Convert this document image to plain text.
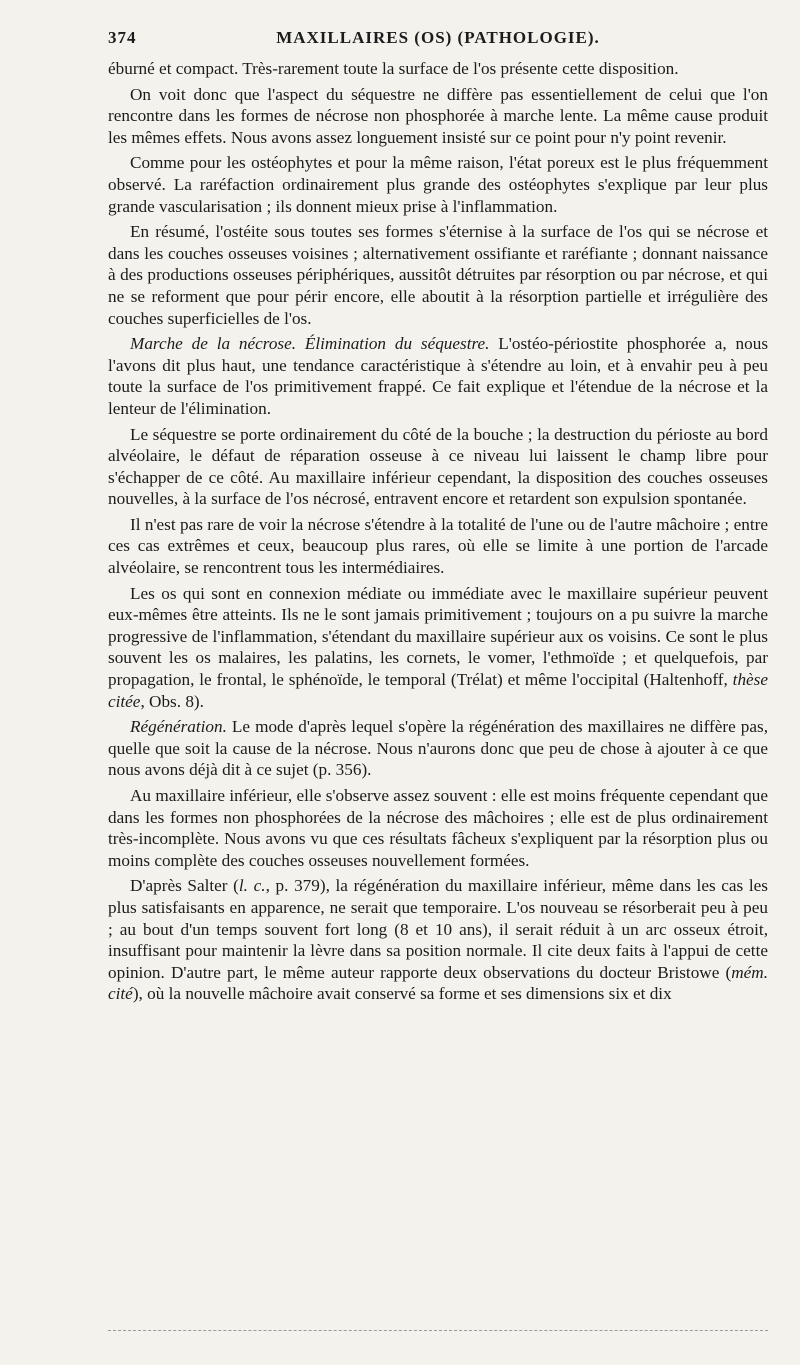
374	MAXILLAIRES (OS) (PATHOLOGIE).

éburné et compact. Très-rarement toute la surface de l'os présente cette disposition.

On voit donc que l'aspect du séquestre ne diffère pas essentiellement de celui que l'on rencontre dans les formes de nécrose non phosphorée à marche lente. La même cause produit les mêmes effets. Nous avons assez longuement insisté sur ce point pour n'y point revenir.

Comme pour les ostéophytes et pour la même raison, l'état poreux est le plus fréquemment observé. La raréfaction ordinairement plus grande des ostéophytes s'explique par leur plus grande vascularisation ; ils donnent mieux prise à l'inflammation.

En résumé, l'ostéite sous toutes ses formes s'éternise à la surface de l'os qui se nécrose et dans les couches osseuses voisines ; alternativement ossifiante et raréfiante ; donnant naissance à des productions osseuses périphériques, aussitôt détruites par résorption ou par nécrose, et qui ne se reforment que pour périr encore, elle aboutit à la résorption partielle et irrégulière des couches superficielles de l'os.

Marche de la nécrose. Élimination du séquestre. L'ostéo-périostite phosphorée a, nous l'avons dit plus haut, une tendance caractéristique à s'étendre au loin, et à envahir peu à peu toute la surface de l'os primitivement frappé. Ce fait explique et l'étendue de la nécrose et la lenteur de l'élimination.

Le séquestre se porte ordinairement du côté de la bouche ; la destruction du périoste au bord alvéolaire, le défaut de réparation osseuse à ce niveau lui laissent le champ libre pour s'échapper de ce côté. Au maxillaire inférieur cependant, la disposition des couches osseuses nouvelles, à la surface de l'os nécrosé, entravent encore et retardent son expulsion spontanée.

Il n'est pas rare de voir la nécrose s'étendre à la totalité de l'une ou de l'autre mâchoire ; entre ces cas extrêmes et ceux, beaucoup plus rares, où elle se limite à une portion de l'arcade alvéolaire, se rencontrent tous les intermédiaires.

Les os qui sont en connexion médiate ou immédiate avec le maxillaire supérieur peuvent eux-mêmes être atteints. Ils ne le sont jamais primitivement ; toujours on a pu suivre la marche progressive de l'inflammation, s'étendant du maxillaire supérieur aux os voisins. Ce sont le plus souvent les os malaires, les palatins, les cornets, le vomer, l'ethmoïde ; et quelquefois, par propagation, le frontal, le sphénoïde, le temporal (Trélat) et même l'occipital (Haltenhoff, thèse citée, Obs. 8).

Régénération. Le mode d'après lequel s'opère la régénération des maxillaires ne diffère pas, quelle que soit la cause de la nécrose. Nous n'aurons donc que peu de chose à ajouter à ce que nous avons déjà dit à ce sujet (p. 356).

Au maxillaire inférieur, elle s'observe assez souvent : elle est moins fréquente cependant que dans les formes non phosphorées de la nécrose des mâchoires ; elle est de plus ordinairement très-incomplète. Nous avons vu que ces résultats fâcheux s'expliquent par la résorption plus ou moins complète des couches osseuses nouvellement formées.

D'après Salter (l. c., p. 379), la régénération du maxillaire inférieur, même dans les cas les plus satisfaisants en apparence, ne serait que temporaire. L'os nouveau se résorberait peu à peu ; au bout d'un temps souvent fort long (8 et 10 ans), il serait réduit à un arc osseux étroit, insuffisant pour maintenir la lèvre dans sa position normale. Il cite deux faits à l'appui de cette opinion. D'autre part, le même auteur rapporte deux observations du docteur Bristowe (mém. cité), où la nouvelle mâchoire avait conservé sa forme et ses dimensions six et dix
